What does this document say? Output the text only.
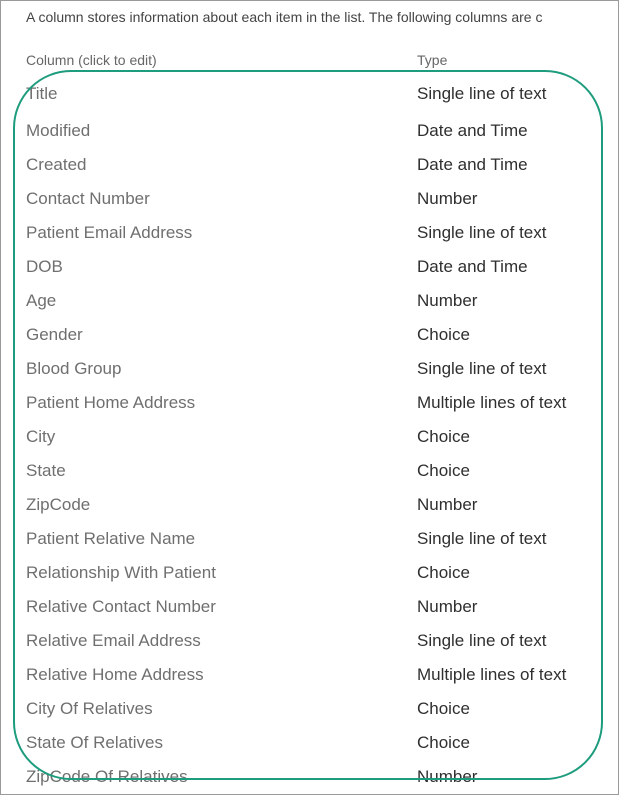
A column stores information about each item in the list. The following columns are c
Column (click to edit)	Type
Title	Single line of text
Modified	Date and Time
Created	Date and Time
Contact Number	Number
Patient Email Address	Single line of text
DOB	Date and Time
Age	Number
Gender	Choice
Blood Group	Single line of text
Patient Home Address	Multiple lines of text
City	Choice
State	Choice
ZipCode	Number
Patient Relative Name	Single line of text
Relationship With Patient	Choice
Relative Contact Number	Number
Relative Email Address	Single line of text
Relative Home Address	Multiple lines of text
City Of Relatives	Choice
State Of Relatives	Choice
ZipCode Of Relatives	Number
